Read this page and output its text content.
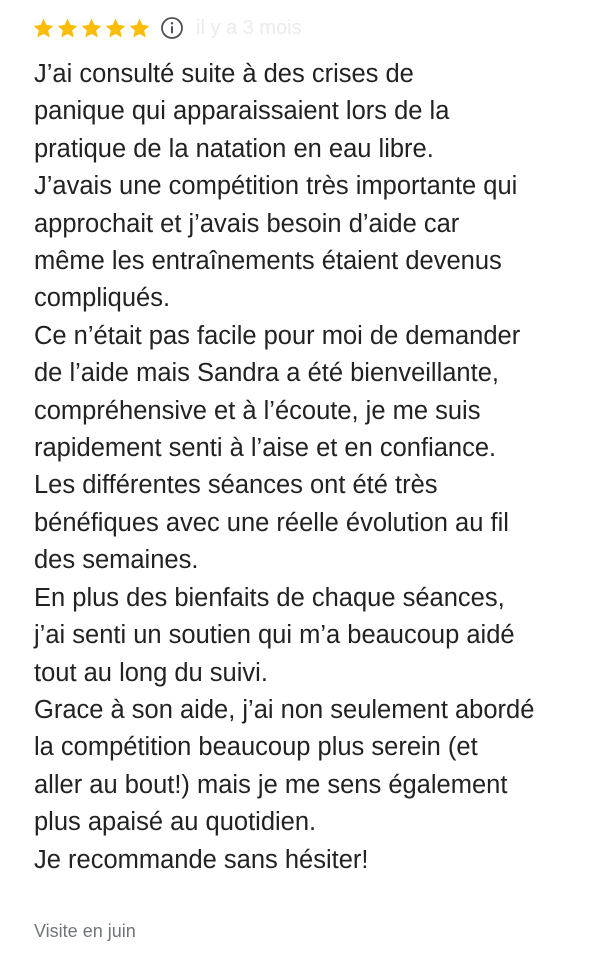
il y a 3 mois
J’ai consulté suite à des crises de
panique qui apparaissaient lors de la
pratique de la natation en eau libre.
J’avais une compétition très importante qui
approchait et j’avais besoin d’aide car
même les entraînements étaient devenus
compliqués.
Ce n’était pas facile pour moi de demander
de l’aide mais Sandra a été bienveillante,
compréhensive et à l’écoute, je me suis
rapidement senti à l’aise et en confiance.
Les différentes séances ont été très
bénéfiques avec une réelle évolution au fil
des semaines.
En plus des bienfaits de chaque séances,
j’ai senti un soutien qui m’a beaucoup aidé
tout au long du suivi.
Grace à son aide, j’ai non seulement abordé
la compétition beaucoup plus serein (et
aller au bout!) mais je me sens également
plus apaisé au quotidien.
Je recommande sans hésiter!
Visite en juin
